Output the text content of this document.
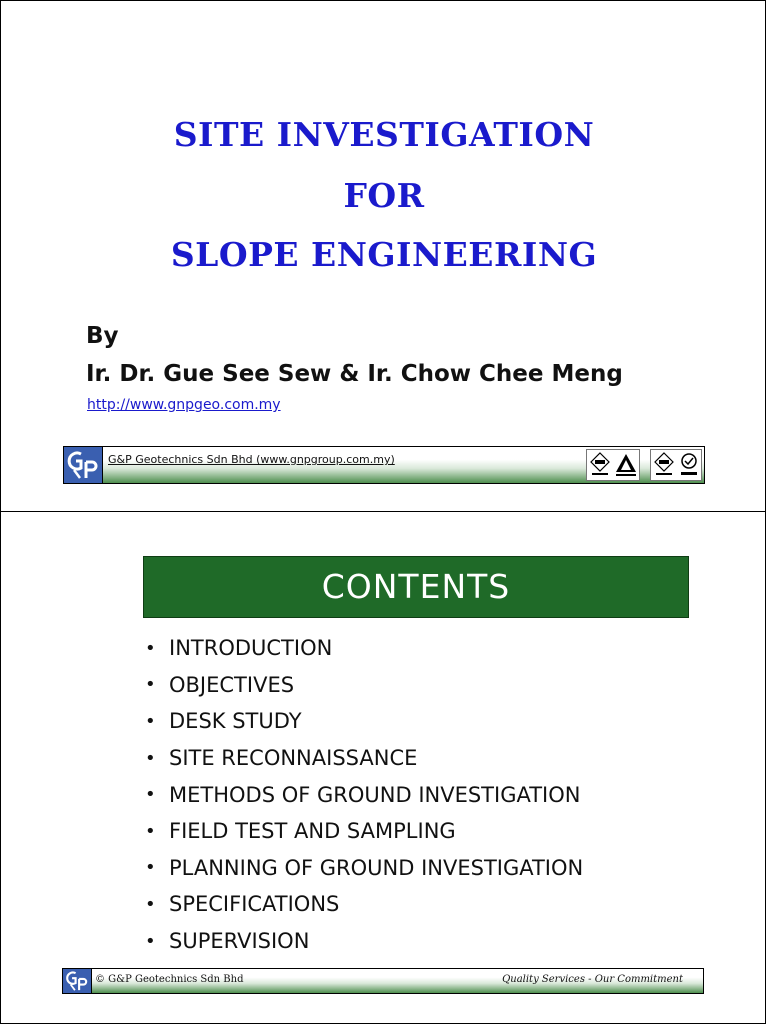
SITE INVESTIGATION
FOR
SLOPE ENGINEERING
By
Ir. Dr. Gue See Sew & Ir. Chow Chee Meng
http://www.gnpgeo.com.my
G&P Geotechnics Sdn Bhd (www.gnpgroup.com.my)
CONTENTS
• INTRODUCTION
• OBJECTIVES
• DESK STUDY
• SITE RECONNAISSANCE
• METHODS OF GROUND INVESTIGATION
• FIELD TEST AND SAMPLING
• PLANNING OF GROUND INVESTIGATION
• SPECIFICATIONS
• SUPERVISION
© G&P Geotechnics Sdn Bhd	Quality Services - Our Commitment
